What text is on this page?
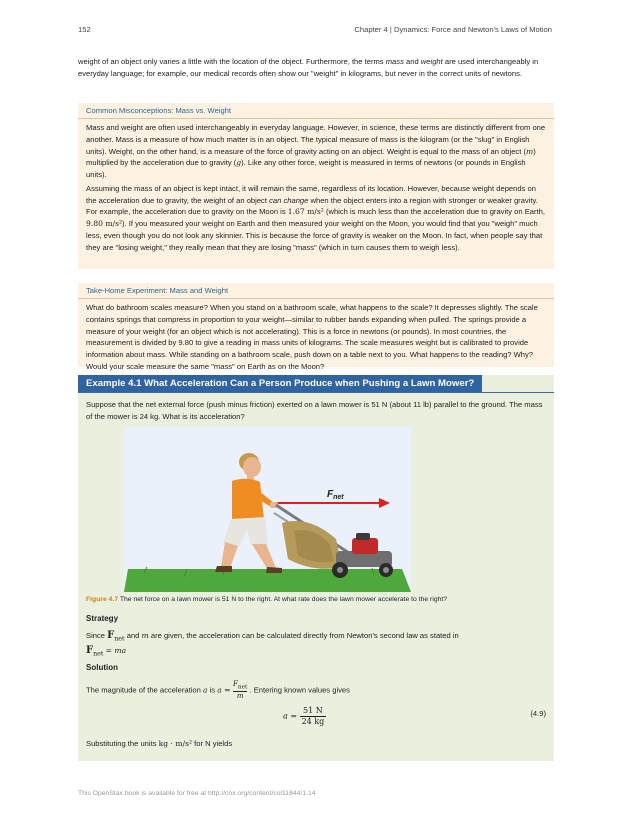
152	Chapter 4 | Dynamics: Force and Newton's Laws of Motion
weight of an object only varies a little with the location of the object. Furthermore, the terms mass and weight are used interchangeably in everyday language; for example, our medical records often show our "weight" in kilograms, but never in the correct units of newtons.
Common Misconceptions: Mass vs. Weight

Mass and weight are often used interchangeably in everyday language. However, in science, these terms are distinctly different from one another. Mass is a measure of how much matter is in an object. The typical measure of mass is the kilogram (or the "slug" in English units). Weight, on the other hand, is a measure of the force of gravity acting on an object. Weight is equal to the mass of an object (m) multiplied by the acceleration due to gravity (g). Like any other force, weight is measured in terms of newtons (or pounds in English units).

Assuming the mass of an object is kept intact, it will remain the same, regardless of its location. However, because weight depends on the acceleration due to gravity, the weight of an object can change when the object enters into a region with stronger or weaker gravity. For example, the acceleration due to gravity on the Moon is 1.67 m/s² (which is much less than the acceleration due to gravity on Earth, 9.80 m/s²). If you measured your weight on Earth and then measured your weight on the Moon, you would find that you "weigh" much less, even though you do not look any skinnier. This is because the force of gravity is weaker on the Moon. In fact, when people say that they are "losing weight," they really mean that they are losing "mass" (which in turn causes them to weigh less).

Take-Home Experiment: Mass and Weight
What do bathroom scales measure? When you stand on a bathroom scale, what happens to the scale? It depresses slightly. The scale contains springs that compress in proportion to your weight—similar to rubber bands expanding when pulled. The springs provide a measure of your weight (for an object which is not accelerating). This is a force in newtons (or pounds). In most countries, the measurement is divided by 9.80 to give a reading in mass units of kilograms. The scale measures weight but is calibrated to provide information about mass. While standing on a bathroom scale, push down on a table next to you. What happens to the reading? Why? Would your scale measure the same "mass" on Earth as on the Moon?
Example 4.1 What Acceleration Can a Person Produce when Pushing a Lawn Mower?
Suppose that the net external force (push minus friction) exerted on a lawn mower is 51 N (about 11 lb) parallel to the ground. The mass of the mower is 24 kg. What is its acceleration?
Figure 4.7 The net force on a lawn mower is 51 N to the right. At what rate does the lawn mower accelerate to the right?
Strategy
Since $F_{net}$ and m are given, the acceleration can be calculated directly from Newton's second law as stated in
$F_{net}$ = ma
Solution
The magnitude of the acceleration a is a =
$F_{net}$
m
. Entering known values gives
$a = \frac{51 N}{24 kg}$	(4.9)
Substituting the units kg · m/s² for N yields
$F_{net}$
This OpenStax book is available for free at http://cnx.org/content/col11844/1.14
